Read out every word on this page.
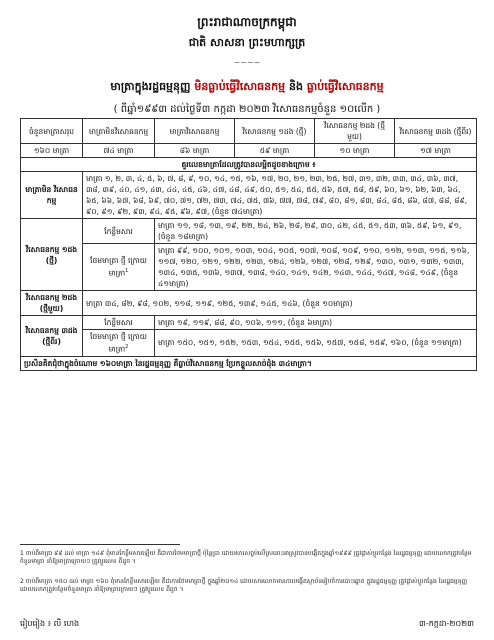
ព្រះរាជាណាចក្រកម្ពុជា
ជាតិ សាសនា ព្រះមហាក្សត្រ
~~~~
មាត្រាក្នុងរដ្ឋធម្មនុញ្ញ មិនធ្លាប់ធ្វើវិសោធនកម្ម និង ធ្លាប់ធ្វើវិសោធនកម្ម
( ពីឆ្នាំ១៩៩៣ ដល់ថ្ងៃទី៣ កក្កដា ២០២៣ វិសោធនកម្មចំនួន ១០លើក )
ចំនួនមាត្រាសរុប	មាត្រាមិនវិសោធនកម្ម	មាត្រាវិសោធនកម្ម	វិសោធនកម្ម ១ដង (ថ្មី)	វិសោធនកម្ម ២ដង (ថ្មីមួយ)	វិសោធនកម្ម ៣ដង (ថ្មីពីរ)
១៦០ មាត្រា	៧៤ មាត្រា	៨៦ មាត្រា	៥៩ មាត្រា	១០ មាត្រា	១៧ មាត្រា
គួរលេខមាត្រាដែលត្រូវបានលម្អិតដូចខាងក្រោម ៖					
មាត្រាមិន វិសោធនកម្ម	មាត្រា ១, ២, ៣, ៤, ៥, ៦, ៧, ៨, ៩, ១០, ១៤, ១៥, ១៦, ១៧, ២០, ២១, ២៣, ២៥, ២៧, ៣១, ៣២, ៣៣, ៣៤, ៣៦, ៣៧, ៣៨, ៣៩, ៤០, ៤១, ៤៣, ៤៤, ៤៥, ៤៦, ៤៧, ៤៨, ៤៩, ៥០, ៥១, ៥៤, ៥៥, ៥៦, ៥៧, ៥៨, ៥៩, ៦០, ៦១, ៦២, ៦៣, ៦៤, ៦៥, ៦៦, ៦៧, ៦៨, ៦៩, ៧០, ៧១, ៧២, ៧៣, ៧៤, ៧៥, ៧៦, ៧៧, ៧៨, ៧៩, ៨០, ៨១, ៨៣, ៨៤, ៨៥, ៨៦, ៨៧, ៨៨, ៨៩, ៩០, ៩១, ៩២, ៩៣, ៩៤, ៩៥, ៩៦, ៩៧, (ចំនួន ៧៤មាត្រា)				
វិសោធនកម្ម ១ដង (ថ្មី)	កែខ្លឹមសារ	មាត្រា ១១, ១៨, ១៣, ១៩, ២២, ២៤, ២៦, ២៨, ២៩, ៣០, ៤២, ៤៥, ៥១, ៥៣, ៣៦, ៥៩, ៦១, ៩១, (ចំនួន ១៨មាត្រា)			
	ថែមមាត្រា ថ្មី ក្រោយ មាត្រា$^1$	មាត្រា ៩៩, ១០០, ១០១, ១០៣, ១០៤, ១០៥, ១០៧, ១០៨, ១០៩, ១១០, ១១២, ១១៣, ១១៥, ១១៦, ១១៧, ១២០, ១២១, ១២២, ១២៣, ១២៤, ១២៦, ១២៧, ១២៨, ១២៩, ១៣០, ១៣១, ១៣២, ១៣៣, ១៣៤, ១៣៥, ១៣៦, ១៣៧, ១៣៨, ១៤០, ១៤១, ១៤២, ១៤៣, ១៤៤, ១៤៧, ១៤៨, ១៤៩, (ចំនួន ៤១មាត្រា)			
វិសោធនកម្ម ២ដង (ថ្មីមួយ)	មាត្រា ៣៤, ៨២, ៩៨, ១០២, ១១៨, ១១៩, ១២៥, ១៣៩, ១៤៥, ១៤៦, (ចំនួន ១០មាត្រា)				
វិសោធនកម្ម ៣ដង (ថ្មីពីរ)	កែខ្លឹមសារ	មាត្រា ១៩, ១១៩, ៨៨, ៩០, ១០៦, ១១១, (ចំនួន ៦មាត្រា)			
	ថែមមាត្រា ថ្មី ក្រោយ មាត្រា$^2$	មាត្រា ១៥០, ១៥១, ១៥២, ១៥៣, ១៥៤, ១៥៥, ១៥៦, ១៥៧, ១៥៨, ១៥៩, ១៦០, (ចំនួន ១១មាត្រា)			
ប្រសិនគិតជុំថាក្នុងចំណោម ១៦០មាត្រា នៃរដ្ឋធម្មនុញ្ញ គឺធ្លាប់វិសោធនកម្ម ប្រែកន្ទួលសាច់ដុំង ៣៤មាត្រា។					
1 ចាប់ពីមាត្រា ៩៩ ដល់ មាត្រា ១៤៩ ពុំមានកែខ្លឹមសារឡើយ គឺជាការថែមមាត្រាថ្មី ប៉ុន្តែប្រា ដោយសារសព្វប់លើស្រនោះអាស្រូវបានបង្កើតក្នុងឆ្នាំ១៩៩៩ ត្រូវផ្លាស់ប្ដូរកន្លែង នៃរដ្ឋធម្មនុញ្ញ ដោយលោកត្រូវបន្ថែមចំនួនមាត្រា នាំឱ្យមាត្រាក្រោយៗ ត្រូវប្ដូរលេខ ពីដូច ។
2 ចាប់ពីមាត្រា ១៥០ ដល់ មាត្រា ១៦០ ពុំមានកែខ្លឹមសារឡើយ គឺជាការថែមមាត្រាថ្មី ក្នុងឆ្នាំ២០១៤ ដោយសារលោកមានការបង្កើតស្ថាប័នរៀបចំការបោះឆ្នោត ក្នុងរដ្ឋធម្មនុញ្ញ ត្រូវផ្លាស់ប្ដូរកន្លែង នៃរដ្ឋធម្មនុញ្ញ ដោយលោកត្រូវបន្ថែមចំនួនមាត្រា នាំឱ្យមាត្រាក្រោយៗ ត្រូវប្ដូរលេខ ពីដូច ។
រៀបរៀង ៖ លី ហេង	៣-កក្កដា-២០២៣
